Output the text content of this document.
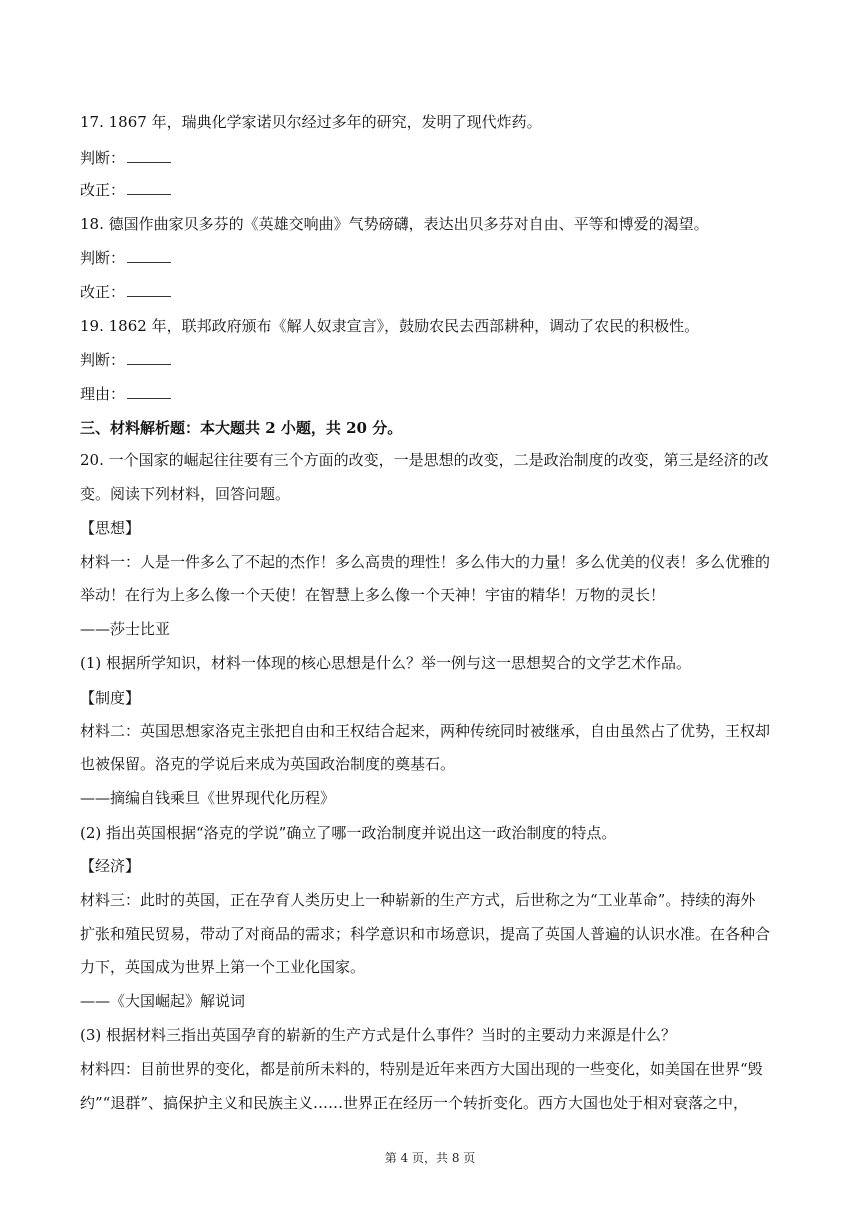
17. 1867 年，瑞典化学家诺贝尔经过多年的研究，发明了现代炸药。
判断：
改正：
18. 德国作曲家贝多芬的《英雄交响曲》气势磅礴，表达出贝多芬对自由、平等和博爱的渴望。
判断：
改正：
19. 1862 年，联邦政府颁布《解人奴隶宣言》，鼓励农民去西部耕种，调动了农民的积极性。
判断：
理由：
三、材料解析题：本大题共 2 小题，共 20 分。
20. 一个国家的崛起往往要有三个方面的改变，一是思想的改变，二是政治制度的改变，第三是经济的改
变。阅读下列材料，回答问题。
【思想】
材料一：人是一件多么了不起的杰作！多么高贵的理性！多么伟大的力量！多么优美的仪表！多么优雅的
举动！在行为上多么像一个天使！在智慧上多么像一个天神！宇宙的精华！万物的灵长！
——莎士比亚
(1) 根据所学知识，材料一体现的核心思想是什么？举一例与这一思想契合的文学艺术作品。
【制度】
材料二：英国思想家洛克主张把自由和王权结合起来，两种传统同时被继承，自由虽然占了优势，王权却
也被保留。洛克的学说后来成为英国政治制度的奠基石。
——摘编自钱乘旦《世界现代化历程》
(2) 指出英国根据“洛克的学说”确立了哪一政治制度并说出这一政治制度的特点。
【经济】
材料三：此时的英国，正在孕育人类历史上一种崭新的生产方式，后世称之为“工业革命”。持续的海外
扩张和殖民贸易，带动了对商品的需求；科学意识和市场意识，提高了英国人普遍的认识水准。在各种合
力下，英国成为世界上第一个工业化国家。
——《大国崛起》解说词
(3) 根据材料三指出英国孕育的崭新的生产方式是什么事件？当时的主要动力来源是什么？
材料四：目前世界的变化，都是前所未料的，特别是近年来西方大国出现的一些变化，如美国在世界“毁
约”“退群”、搞保护主义和民族主义……世界正在经历一个转折变化。西方大国也处于相对衰落之中，
第 4 页，共 8 页
